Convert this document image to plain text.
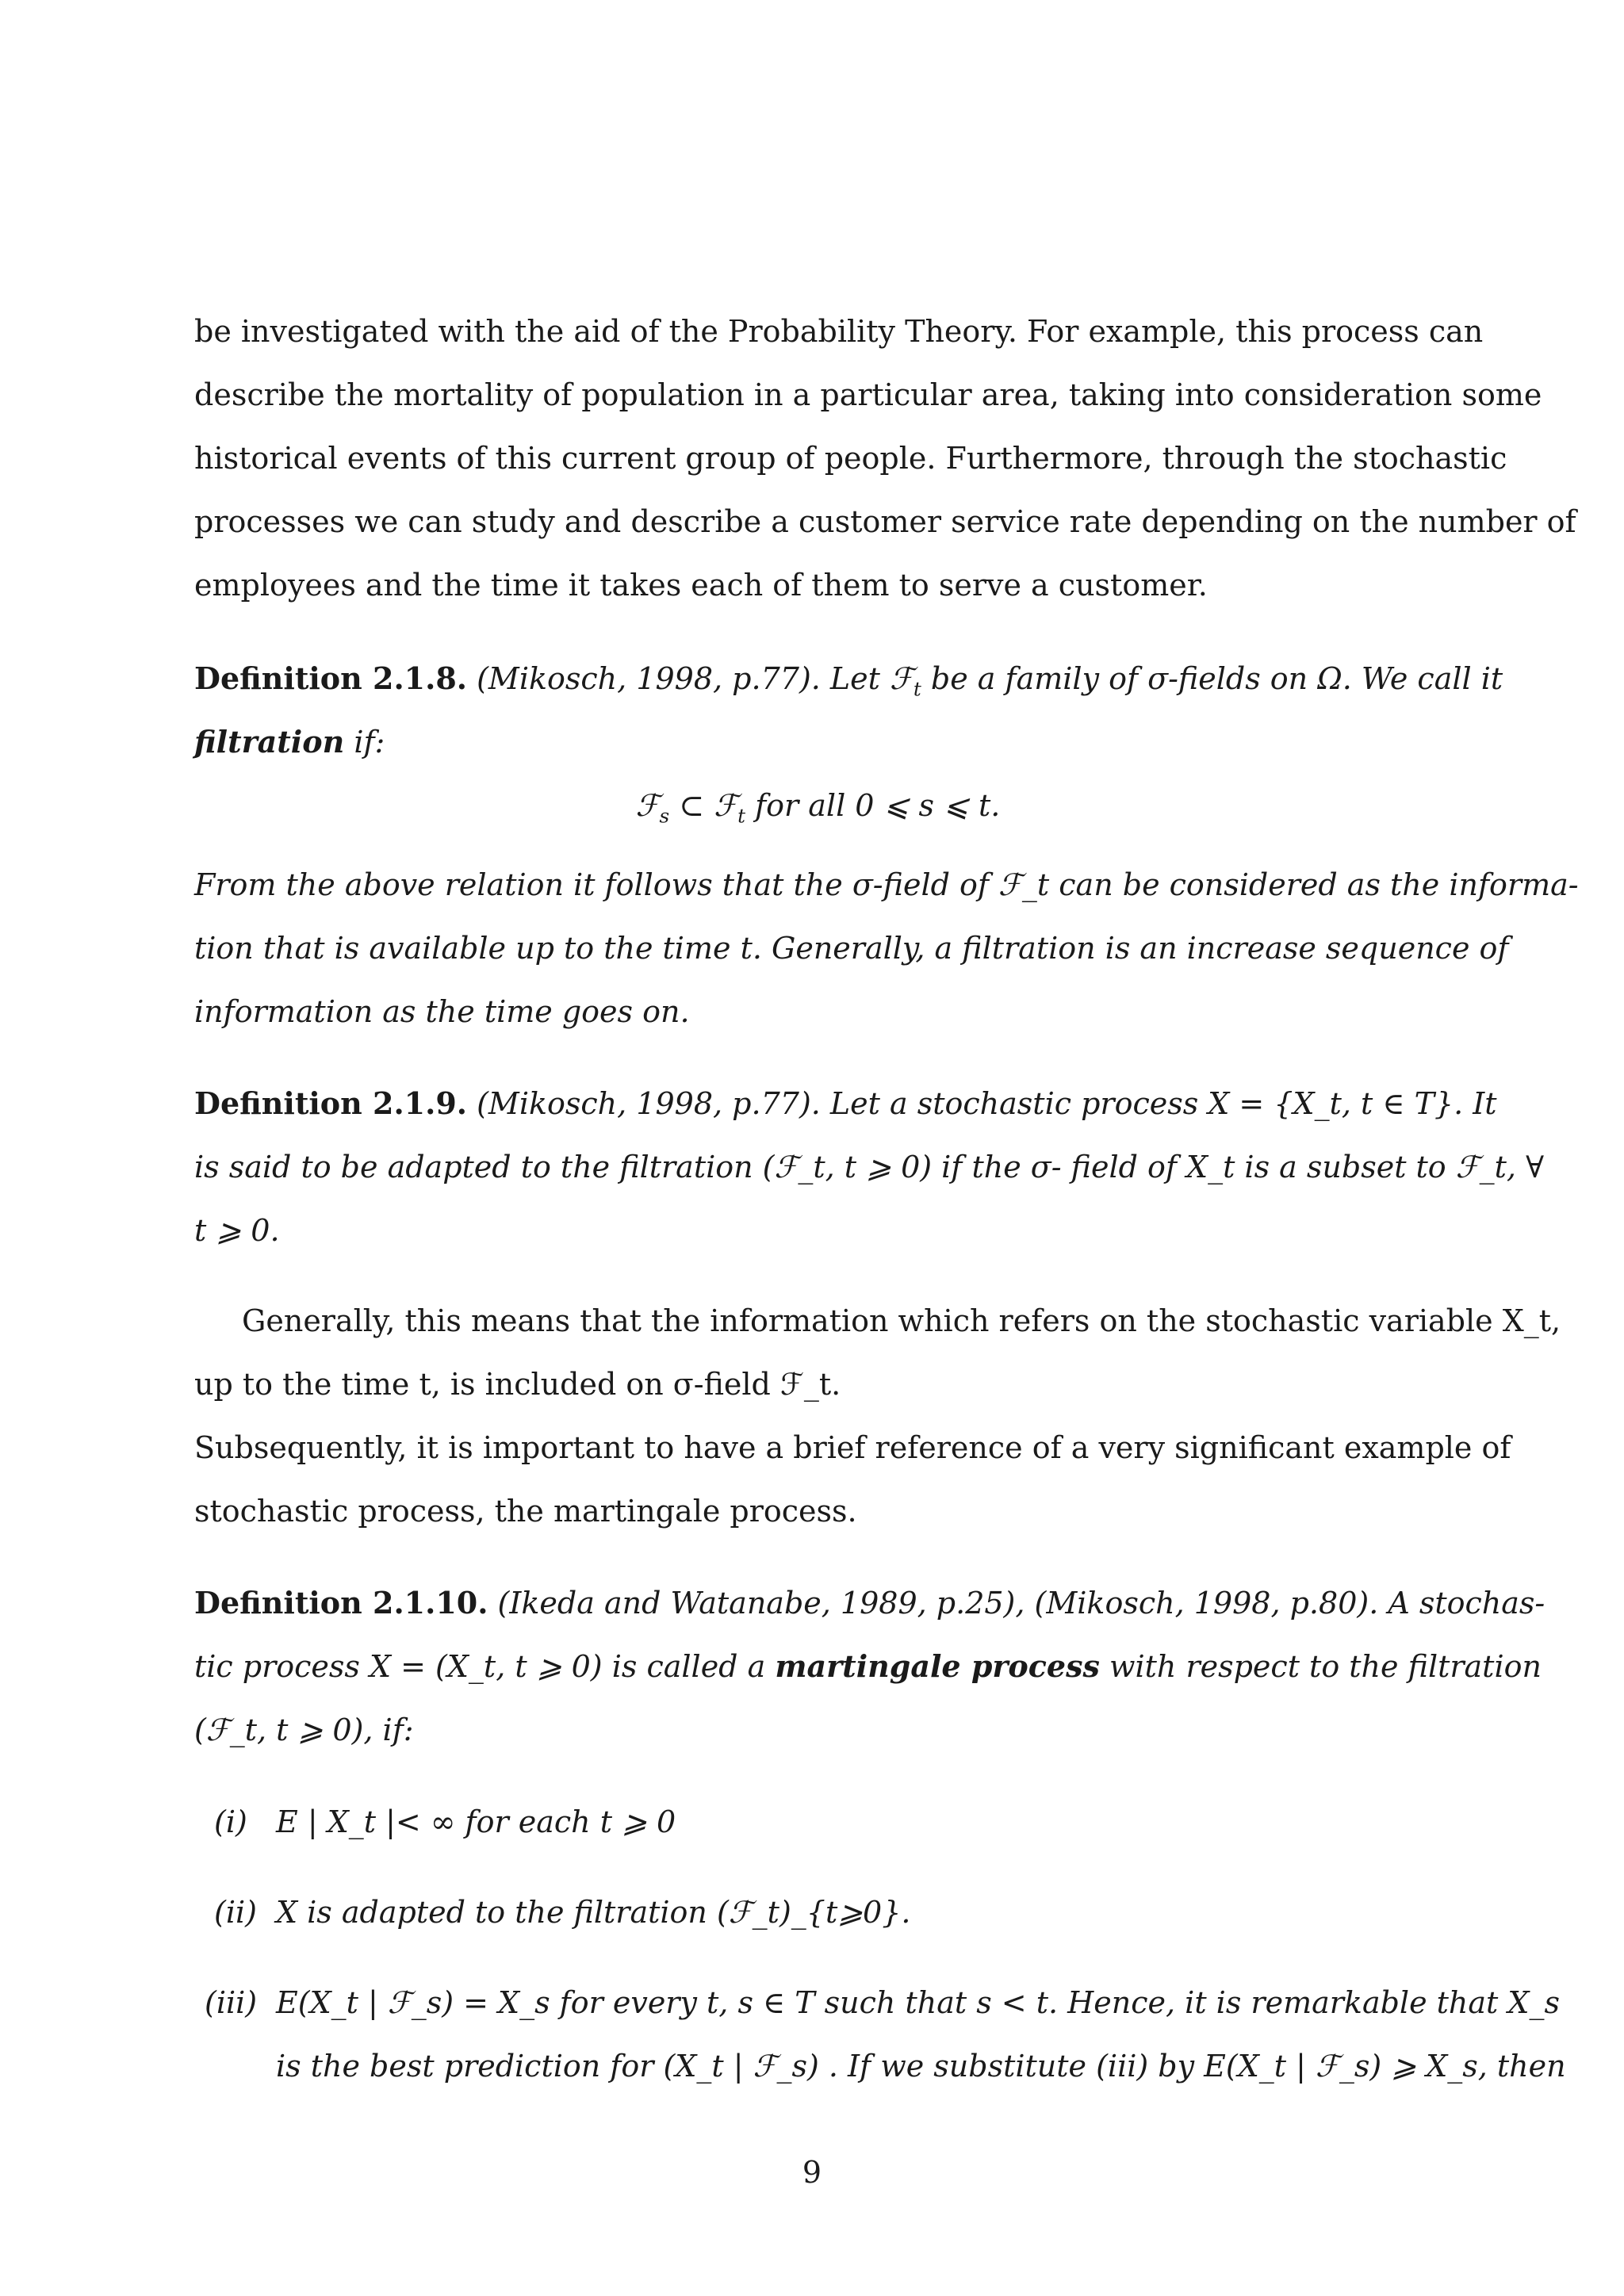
be investigated with the aid of the Probability Theory. For example, this process can
describe the mortality of population in a particular area, taking into consideration some
historical events of this current group of people. Furthermore, through the stochastic
processes we can study and describe a customer service rate depending on the number of
employees and the time it takes each of them to serve a customer.
Definition 2.1.8. (Mikosch, 1998, p.77). Let ℱ$_t$ be a family of σ-fields on Ω. We call it
filtration if:
ℱ$_s$ ⊂ ℱ$_t$ for all 0 ⩽ s ⩽ t.
From the above relation it follows that the σ-field of ℱ_t can be considered as the informa-
tion that is available up to the time t. Generally, a filtration is an increase sequence of
information as the time goes on.
Definition 2.1.9. (Mikosch, 1998, p.77). Let a stochastic process X = {X_t, t ∈ T}. It
is said to be adapted to the filtration (ℱ_t, t ⩾ 0) if the σ- field of X_t is a subset to ℱ_t, ∀
t ⩾ 0.
Generally, this means that the information which refers on the stochastic variable X_t,
up to the time t, is included on σ-field ℱ_t.
Subsequently, it is important to have a brief reference of a very significant example of
stochastic process, the martingale process.
Definition 2.1.10. (Ikeda and Watanabe, 1989, p.25), (Mikosch, 1998, p.80). A stochas-
tic process X = (X_t, t ⩾ 0) is called a martingale process with respect to the filtration
(ℱ_t, t ⩾ 0), if:
(i) E | X_t |< ∞ for each t ⩾ 0
(ii) X is adapted to the filtration (ℱ_t)_{t⩾0}.
(iii) E(X_t | ℱ_s) = X_s for every t, s ∈ T such that s < t. Hence, it is remarkable that X_s
is the best prediction for (X_t | ℱ_s) . If we substitute (iii) by E(X_t | ℱ_s) ⩾ X_s, then
9
